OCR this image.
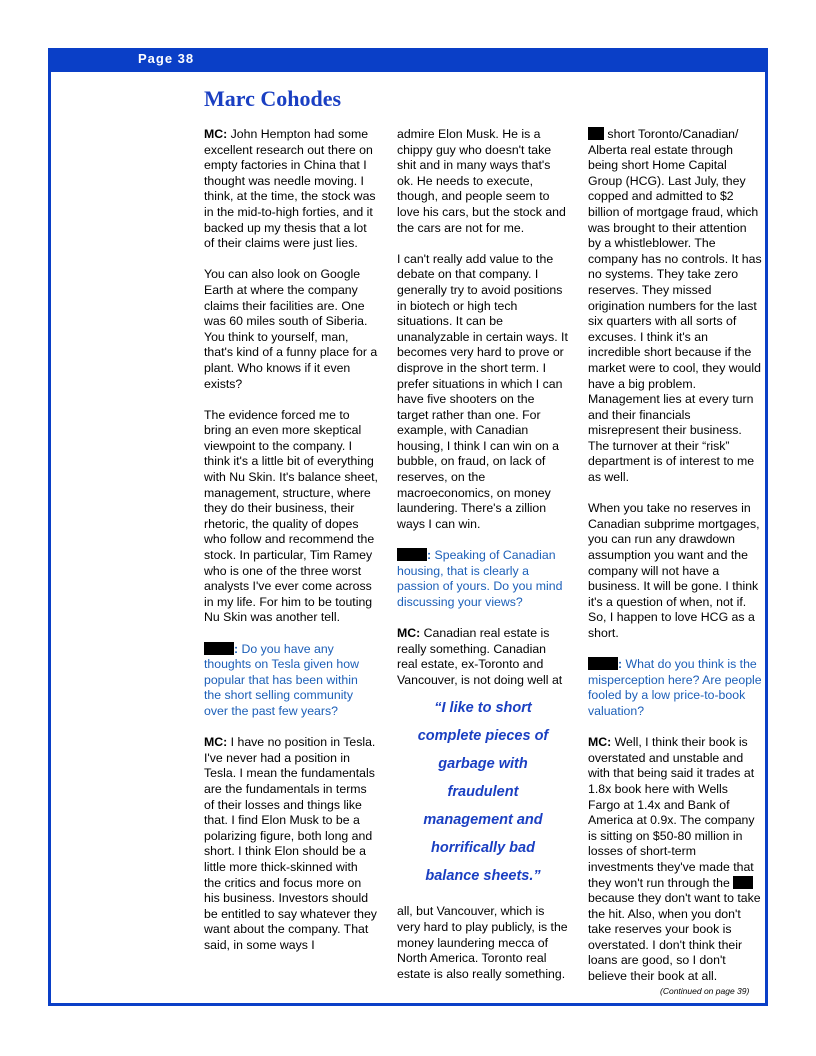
Page 38
Marc Cohodes

MC: John Hempton had some excellent research out there on empty factories in China that I thought was needle moving. I think, at the time, the stock was in the mid-to-high forties, and it backed up my thesis that a lot of their claims were just lies.

You can also look on Google Earth at where the company claims their facilities are. One was 60 miles south of Siberia. You think to yourself, man, that's kind of a funny place for a plant. Who knows if it even exists?

The evidence forced me to bring an even more skeptical viewpoint to the company. I think it's a little bit of everything with Nu Skin. It's balance sheet, management, structure, where they do their business, their rhetoric, the quality of dopes who follow and recommend the stock. In particular, Tim Ramey who is one of the three worst analysts I've ever come across in my life. For him to be touting Nu Skin was another tell.

: Do you have any thoughts on Tesla given how popular that has been within the short selling community over the past few years?

MC: I have no position in Tesla. I've never had a position in Tesla. I mean the fundamentals are the fundamentals in terms of their losses and things like that. I find Elon Musk to be a polarizing figure, both long and short. I think Elon should be a little more thick-skinned with the critics and focus more on his business. Investors should be entitled to say whatever they want about the company. That said, in some ways I

admire Elon Musk. He is a chippy guy who doesn't take shit and in many ways that's ok. He needs to execute, though, and people seem to love his cars, but the stock and the cars are not for me.

I can't really add value to the debate on that company. I generally try to avoid positions in biotech or high tech situations. It can be unanalyzable in certain ways. It becomes very hard to prove or disprove in the short term. I prefer situations in which I can have five shooters on the target rather than one. For example, with Canadian housing, I think I can win on a bubble, on fraud, on lack of reserves, on the macroeconomics, on money laundering. There's a zillion ways I can win.

: Speaking of Canadian housing, that is clearly a passion of yours. Do you mind discussing your views?

MC: Canadian real estate is really something. Canadian real estate, ex-Toronto and Vancouver, is not doing well at

“I like to short
complete pieces of
garbage with
fraudulent
management and
horrifically bad
balance sheets.”

all, but Vancouver, which is very hard to play publicly, is the money laundering mecca of North America. Toronto real estate is also really something.

short Toronto/Canadian/ Alberta real estate through being short Home Capital Group (HCG). Last July, they copped and admitted to $2 billion of mortgage fraud, which was brought to their attention by a whistleblower. The company has no controls. It has no systems. They take zero reserves. They missed origination numbers for the last six quarters with all sorts of excuses. I think it's an incredible short because if the market were to cool, they would have a big problem. Management lies at every turn and their financials misrepresent their business. The turnover at their “risk” department is of interest to me as well.

When you take no reserves in Canadian subprime mortgages, you can run any drawdown assumption you want and the company will not have a business. It will be gone. I think it's a question of when, not if. So, I happen to love HCG as a short.

: What do you think is the misperception here? Are people fooled by a low price-to-book valuation?

MC: Well, I think their book is overstated and unstable and with that being said it trades at 1.8x book here with Wells Fargo at 1.4x and Bank of America at 0.9x. The company is sitting on $50-80 million in losses of short-term investments they've made that they won't run through the  because they don't want to take the hit. Also, when you don't take reserves your book is overstated. I don't think their loans are good, so I don't believe their book at all.

(Continued on page 39)
